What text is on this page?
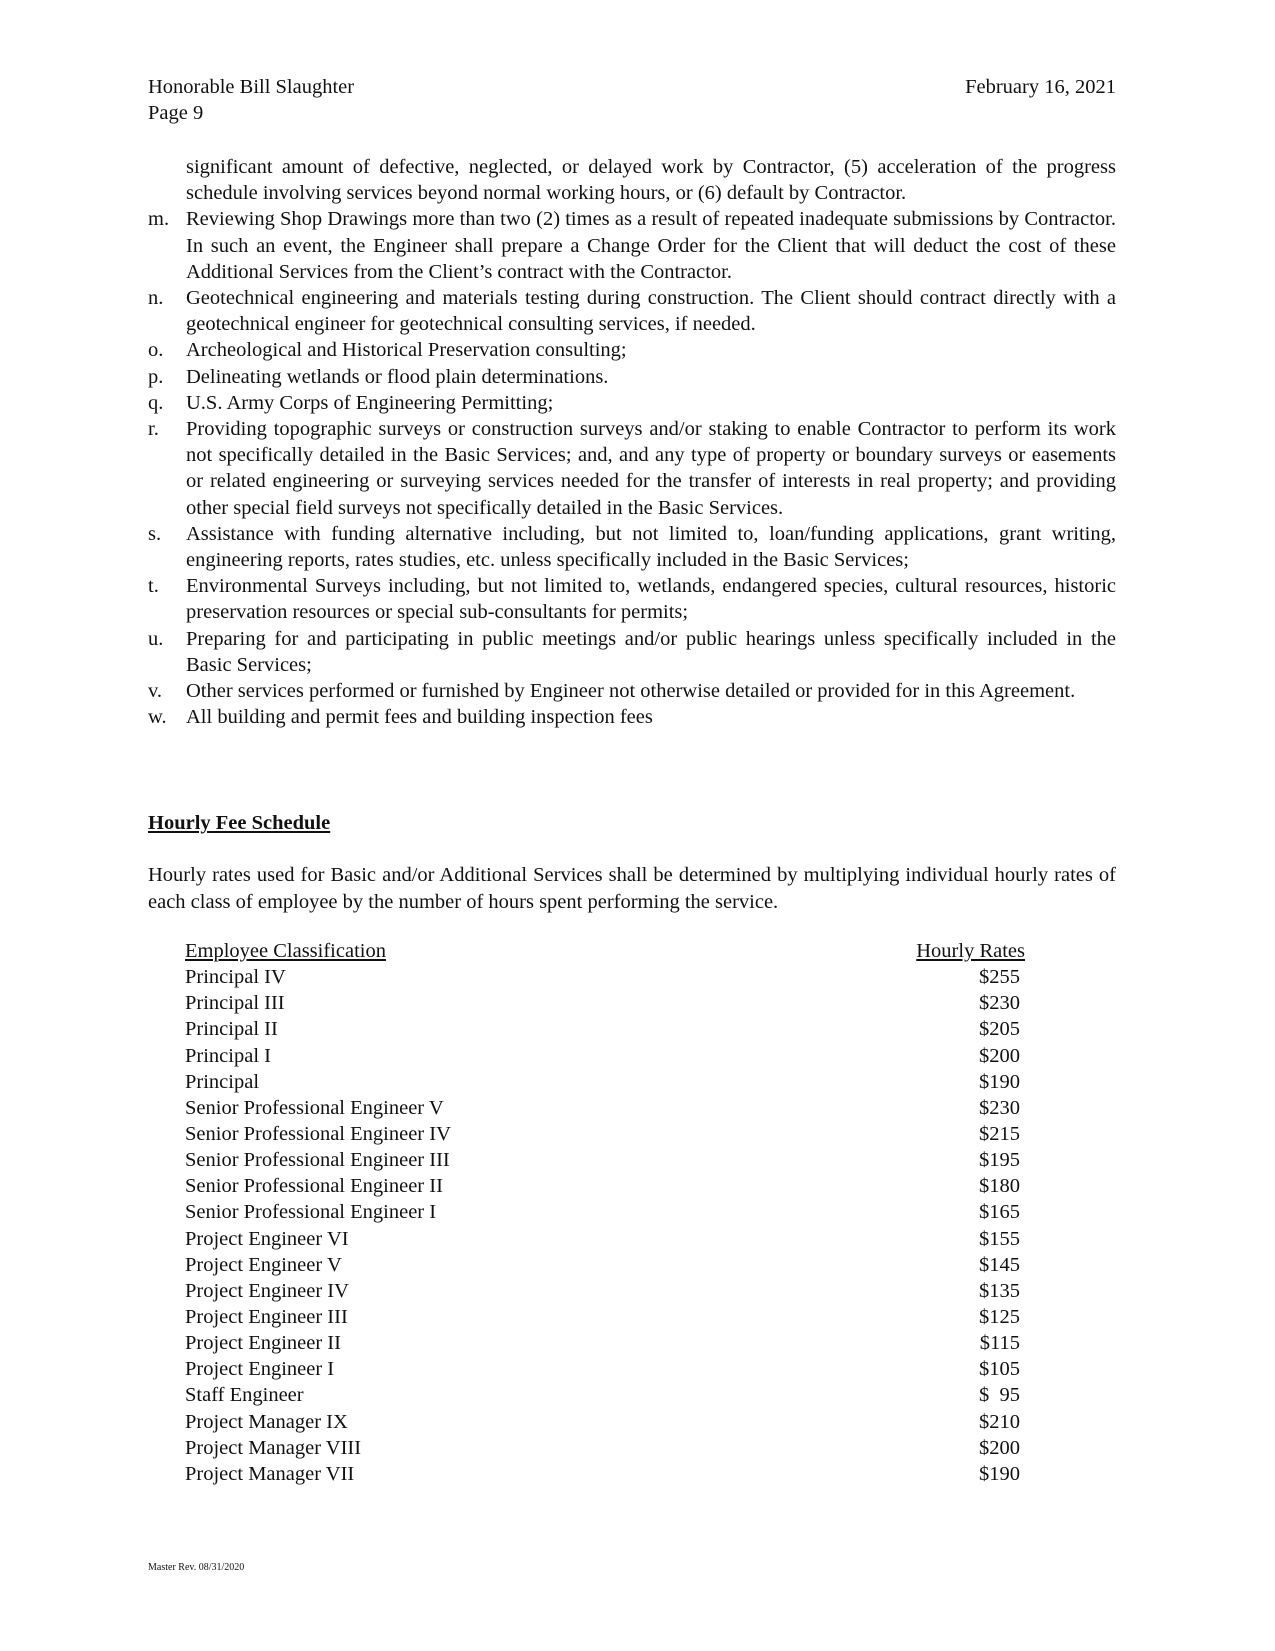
Honorable Bill Slaughter
Page 9
February 16, 2021
significant amount of defective, neglected, or delayed work by Contractor, (5) acceleration of the progress schedule involving services beyond normal working hours, or (6) default by Contractor.
m. Reviewing Shop Drawings more than two (2) times as a result of repeated inadequate submissions by Contractor. In such an event, the Engineer shall prepare a Change Order for the Client that will deduct the cost of these Additional Services from the Client’s contract with the Contractor.
n. Geotechnical engineering and materials testing during construction. The Client should contract directly with a geotechnical engineer for geotechnical consulting services, if needed.
o. Archeological and Historical Preservation consulting;
p. Delineating wetlands or flood plain determinations.
q. U.S. Army Corps of Engineering Permitting;
r. Providing topographic surveys or construction surveys and/or staking to enable Contractor to perform its work not specifically detailed in the Basic Services; and, and any type of property or boundary surveys or easements or related engineering or surveying services needed for the transfer of interests in real property; and providing other special field surveys not specifically detailed in the Basic Services.
s. Assistance with funding alternative including, but not limited to, loan/funding applications, grant writing, engineering reports, rates studies, etc. unless specifically included in the Basic Services;
t. Environmental Surveys including, but not limited to, wetlands, endangered species, cultural resources, historic preservation resources or special sub-consultants for permits;
u. Preparing for and participating in public meetings and/or public hearings unless specifically included in the Basic Services;
v. Other services performed or furnished by Engineer not otherwise detailed or provided for in this Agreement.
w. All building and permit fees and building inspection fees
Hourly Fee Schedule
Hourly rates used for Basic and/or Additional Services shall be determined by multiplying individual hourly rates of each class of employee by the number of hours spent performing the service.
Employee Classification	Hourly Rates
Principal IV	$255
Principal III	$230
Principal II	$205
Principal I	$200
Principal	$190
Senior Professional Engineer V	$230
Senior Professional Engineer IV	$215
Senior Professional Engineer III	$195
Senior Professional Engineer II	$180
Senior Professional Engineer I	$165
Project Engineer VI	$155
Project Engineer V	$145
Project Engineer IV	$135
Project Engineer III	$125
Project Engineer II	$115
Project Engineer I	$105
Staff Engineer	$  95
Project Manager IX	$210
Project Manager VIII	$200
Project Manager VII	$190
Master Rev. 08/31/2020
